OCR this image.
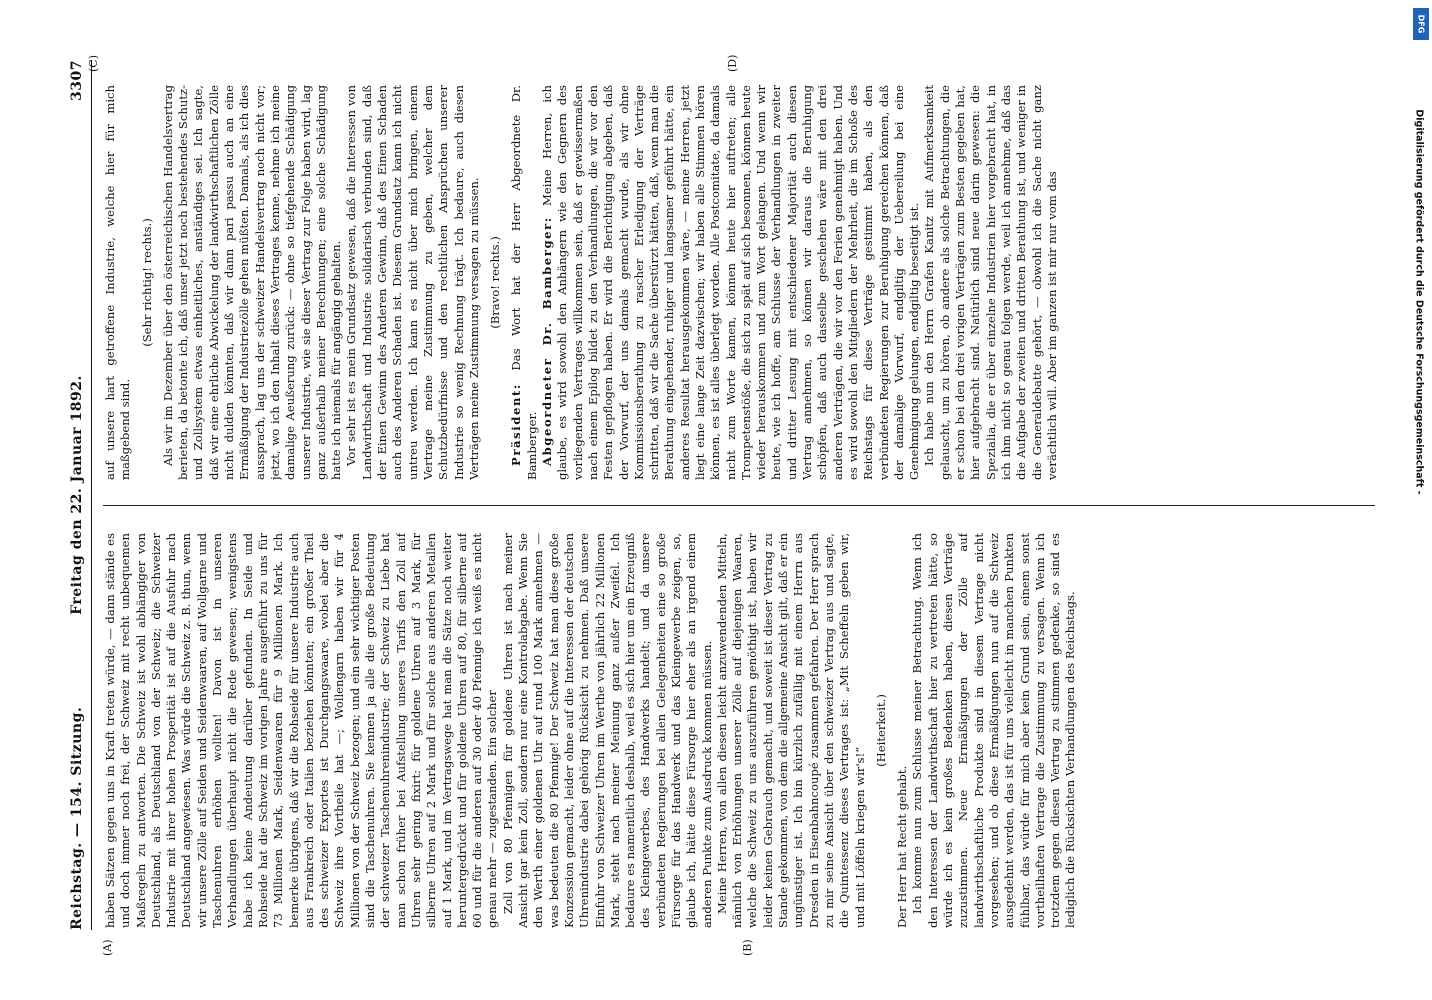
Reichstag. — 154. Sitzung.
Freitag den 22. Januar 1892.
3307
(A)	(B)
(C)	(D)

haben Sätzen gegen uns in Kraft treten würde, — dann stände es und doch immer noch frei, der Schweiz mit recht unbequemen Maßregeln zu antworten. Die Schweiz ist wohl abhängiger von Deutschland, als Deutschland von der Schweiz; die Schweizer Industrie mit ihrer hohen Prosperität ist auf die Ausfuhr nach Deutschland angewiesen. Was würde die Schweiz z. B. thun, wenn wir unsere Zölle auf Seiden und Seidenwaaren, auf Wollgarne und Taschenuhren erhöhen wollten! Davon ist in unseren Verhandlungen überhaupt nicht die Rede gewesen; wenigstens habe ich keine Andeutung darüber gefunden. In Seide und Rohseide hat die Schweiz im vorigen Jahre ausgeführt zu uns für 73 Millionen Mark, Seidenwaaren für 9 Millionen Mark. Ich bemerke übrigens, daß wir die Rohseide für unsere Industrie auch aus Frankreich oder Italien beziehen könnten; ein großer Theil des schweizer Exportes ist Durchgangswaare, wobei aber die Schweiz ihre Vortheile hat —; Wollengarn haben wir für 4 Millionen von der Schweiz bezogen; und ein sehr wichtiger Posten sind die Taschenuhren. Sie kennen ja alle die große Bedeutung der schweizer Taschenuhrenindustrie; der Schweiz zu Liebe hat man schon früher bei Aufstellung unseres Tarifs den Zoll auf Uhren sehr gering fixirt: für goldene Uhren auf 3 Mark, für silberne Uhren auf 2 Mark und für solche aus anderen Metallen auf 1 Mark, und im Vertragswege hat man die Sätze noch weiter heruntergedrückt und für goldene Uhren auf 80, für silberne auf 60 und für die anderen auf 30 oder 40 Pfennige ich weiß es nicht genau mehr — zugestanden. Ein solcher Zoll von 80 Pfennigen für goldene Uhren ist nach meiner Ansicht gar kein Zoll, sondern nur eine Kontrolabgabe. Wenn Sie den Werth einer goldenen Uhr auf rund 100 Mark annehmen — was bedeuten die 80 Pfennige! Der Schweiz hat man diese große Konzession gemacht, leider ohne auf die Interessen der deutschen Uhrenindustrie dabei gehörig Rücksicht zu nehmen. Daß unsere Einfuhr von Schweizer Uhren im Werthe von jährlich 22 Millionen Mark, steht nach meiner Meinung ganz außer Zweifel. Ich bedaure es namentlich deshalb, weil es sich hier um ein Erzeugniß des Kleingewerbes, des Handwerks handelt; und da unsere verbündeten Regierungen bei allen Gelegenheiten eine so große Fürsorge für das Handwerk und das Kleingewerbe zeigen, so, glaube ich, hätte diese Fürsorge hier eher als an irgend einem anderen Punkte zum Ausdruck kommen müssen. Meine Herren, von allen diesen leicht anzuwendenden Mitteln, nämlich von Erhöhungen unserer Zölle auf diejenigen Waaren, welche die Schweiz zu uns auszuführen genöthigt ist, haben wir leider keinen Gebrauch gemacht, und soweit ist dieser Vertrag zu Stande gekommen, von dem die allgemeine Ansicht gilt, daß er ein ungünstiger ist. Ich bin kürzlich zufällig mit einem Herrn aus Dresden in Eisenbahncoupé zusammen gefahren. Der Herr sprach zu mir seine Ansicht über den schweizer Vertrag aus und sagte, die Quintessenz dieses Vertrages ist: „Mit Scheffeln geben wir, und mit Löffeln kriegen wir's!“

(Heiterkeit.)

Der Herr hat Recht gehabt. Ich komme nun zum Schlusse meiner Betrachtung. Wenn ich den Interessen der Landwirthschaft hier zu vertreten hätte, so würde ich es kein großes Bedenken haben, diesen Verträge zuzustimmen. Neue Ermäßigungen der Zölle auf landwirthschaftliche Produkte sind in diesem Vertrage nicht vorgesehen; und ob diese Ermäßigungen nun auf die Schweiz ausgedehnt werden, das ist für uns vielleicht in manchen Punkten fühlbar, das würde für mich aber kein Grund sein, einem sonst vortheilhaften Vertrage die Zustimmung zu versagen. Wenn ich trotzdem gegen diesen Vertrag zu stimmen gedenke, so sind es lediglich die Rücksichten Verhandlungen des Reichstags.

auf unsere hart getroffene Industrie, welche hier für mich maßgebend sind.

(Sehr richtig! rechts.) Als wir im Dezember über den österreichischen Handelsvertrag berieten, da betonte ich, daß unser jetzt noch bestehendes Schutz- und Zollsystem etwas einheitliches, anständiges sei. Ich sagte, daß wir eine ehrliche Abwickelung der landwirthschaftlichen Zölle nicht dulden könnten, daß wir dann pari passu auch an eine Ermäßigung der Industriezölle gehen müßten. Damals, als ich dies aussprach, lag uns der schweizer Handelsvertrag noch nicht vor; jetzt, wo ich den Inhalt dieses Vertrages kenne, nehme ich meine damalige Aeußerung zurück: — ohne so tiefgehende Schädigung unserer Industrie, wie sie dieser Vertrag zur Folge haben wird, lag ganz außerhalb meiner Berechnungen; eine solche Schädigung hatte ich niemals für angängig gehalten. Vor sehr ist es mein Grundsatz gewesen, daß die Interessen von Landwirthschaft und Industrie solidarisch verbunden sind, daß der Einen Gewinn des Anderen Gewinn, daß des Einen Schaden auch des Anderen Schaden ist. Diesem Grundsatz kann ich nicht untreu werden. Ich kann es nicht über mich bringen, einem Vertrage meine Zustimmung zu geben, welcher dem Schutzbedürfnisse und den rechtlichen Ansprüchen unserer Industrie so wenig Rechnung trägt. Ich bedaure, auch diesen Verträgen meine Zustimmung versagen zu müssen. (Bravo! rechts.)

Präsident: Das Wort hat der Herr Abgeordnete Dr. Bamberger. Abgeordneter Dr. Bamberger: Meine Herren, ich glaube, es wird sowohl den Anhängern wie den Gegnern des vorliegenden Vertrages willkommen sein, daß er gewissermaßen nach einem Epilog bildet zu den Verhandlungen, die wir vor den Festen gepflogen haben. Er wird die Berichtigung abgeben, daß der Vorwurf, der uns damals gemacht wurde, als wir ohne Kommissionsberathung zu rascher Erledigung der Verträge schritten, daß wir die Sache überstürzt hätten, daß, wenn man die Berathung eingehender, ruhiger und langsamer geführt hätte, ein anderes Resultat herausgekommen wäre, — meine Herren, jetzt liegt eine lange Zeit dazwischen; wir haben alle Stimmen hören können, es ist alles überlegt worden. Alle Postcomitate, da damals nicht zum Worte kamen, können heute hier auftreten; alle Trompetenstöße, die sich zu spät auf sich besonnen, können heute wieder herauskommen und zum Wort gelangen. Und wenn wir heute, wie ich hoffe, am Schlusse der Verhandlungen in zweiter und dritter Lesung mit entschiedener Majorität auch diesen Vertrag annehmen, so können wir daraus die Beruhigung schöpfen, daß auch dasselbe geschehen wäre mit den drei anderen Verträgen, die wir vor den Ferien genehmigt haben. Und es wird sowohl den Mitgliedern der Mehrheit, die im Schoße des Reichstags für diese Verträge gestimmt haben, als den verbündeten Regierungen zur Beruhigung gereichen können, daß der damalige Vorwurf, endgiltig der Uebereilung bei eine Genehmigung gelungen, endgiltig beseitigt ist. Ich habe nun den Herrn Grafen Kanitz mit Aufmerksamkeit gelauscht, um zu hören, ob andere als solche Betrachtungen, die er schon bei den drei vorigen Verträgen zum Besten gegeben hat, hier aufgebracht sind. Natürlich sind neue darin gewesen: die Spezialia, die er über einzelne Industrien hier vorgebracht hat, in ich ihm nicht so genau folgen werde, weil ich annehme, daß das die Aufgabe der zweiten und dritten Berathung ist, und weniger in die Generaldebatte gehört, — obwohl ich die Sache nicht ganz verächtlich will. Aber im ganzen ist mir nur vom das	Digitalisierung gefördert durch die Deutsche Forschungsgemeinschaft -
DFG
